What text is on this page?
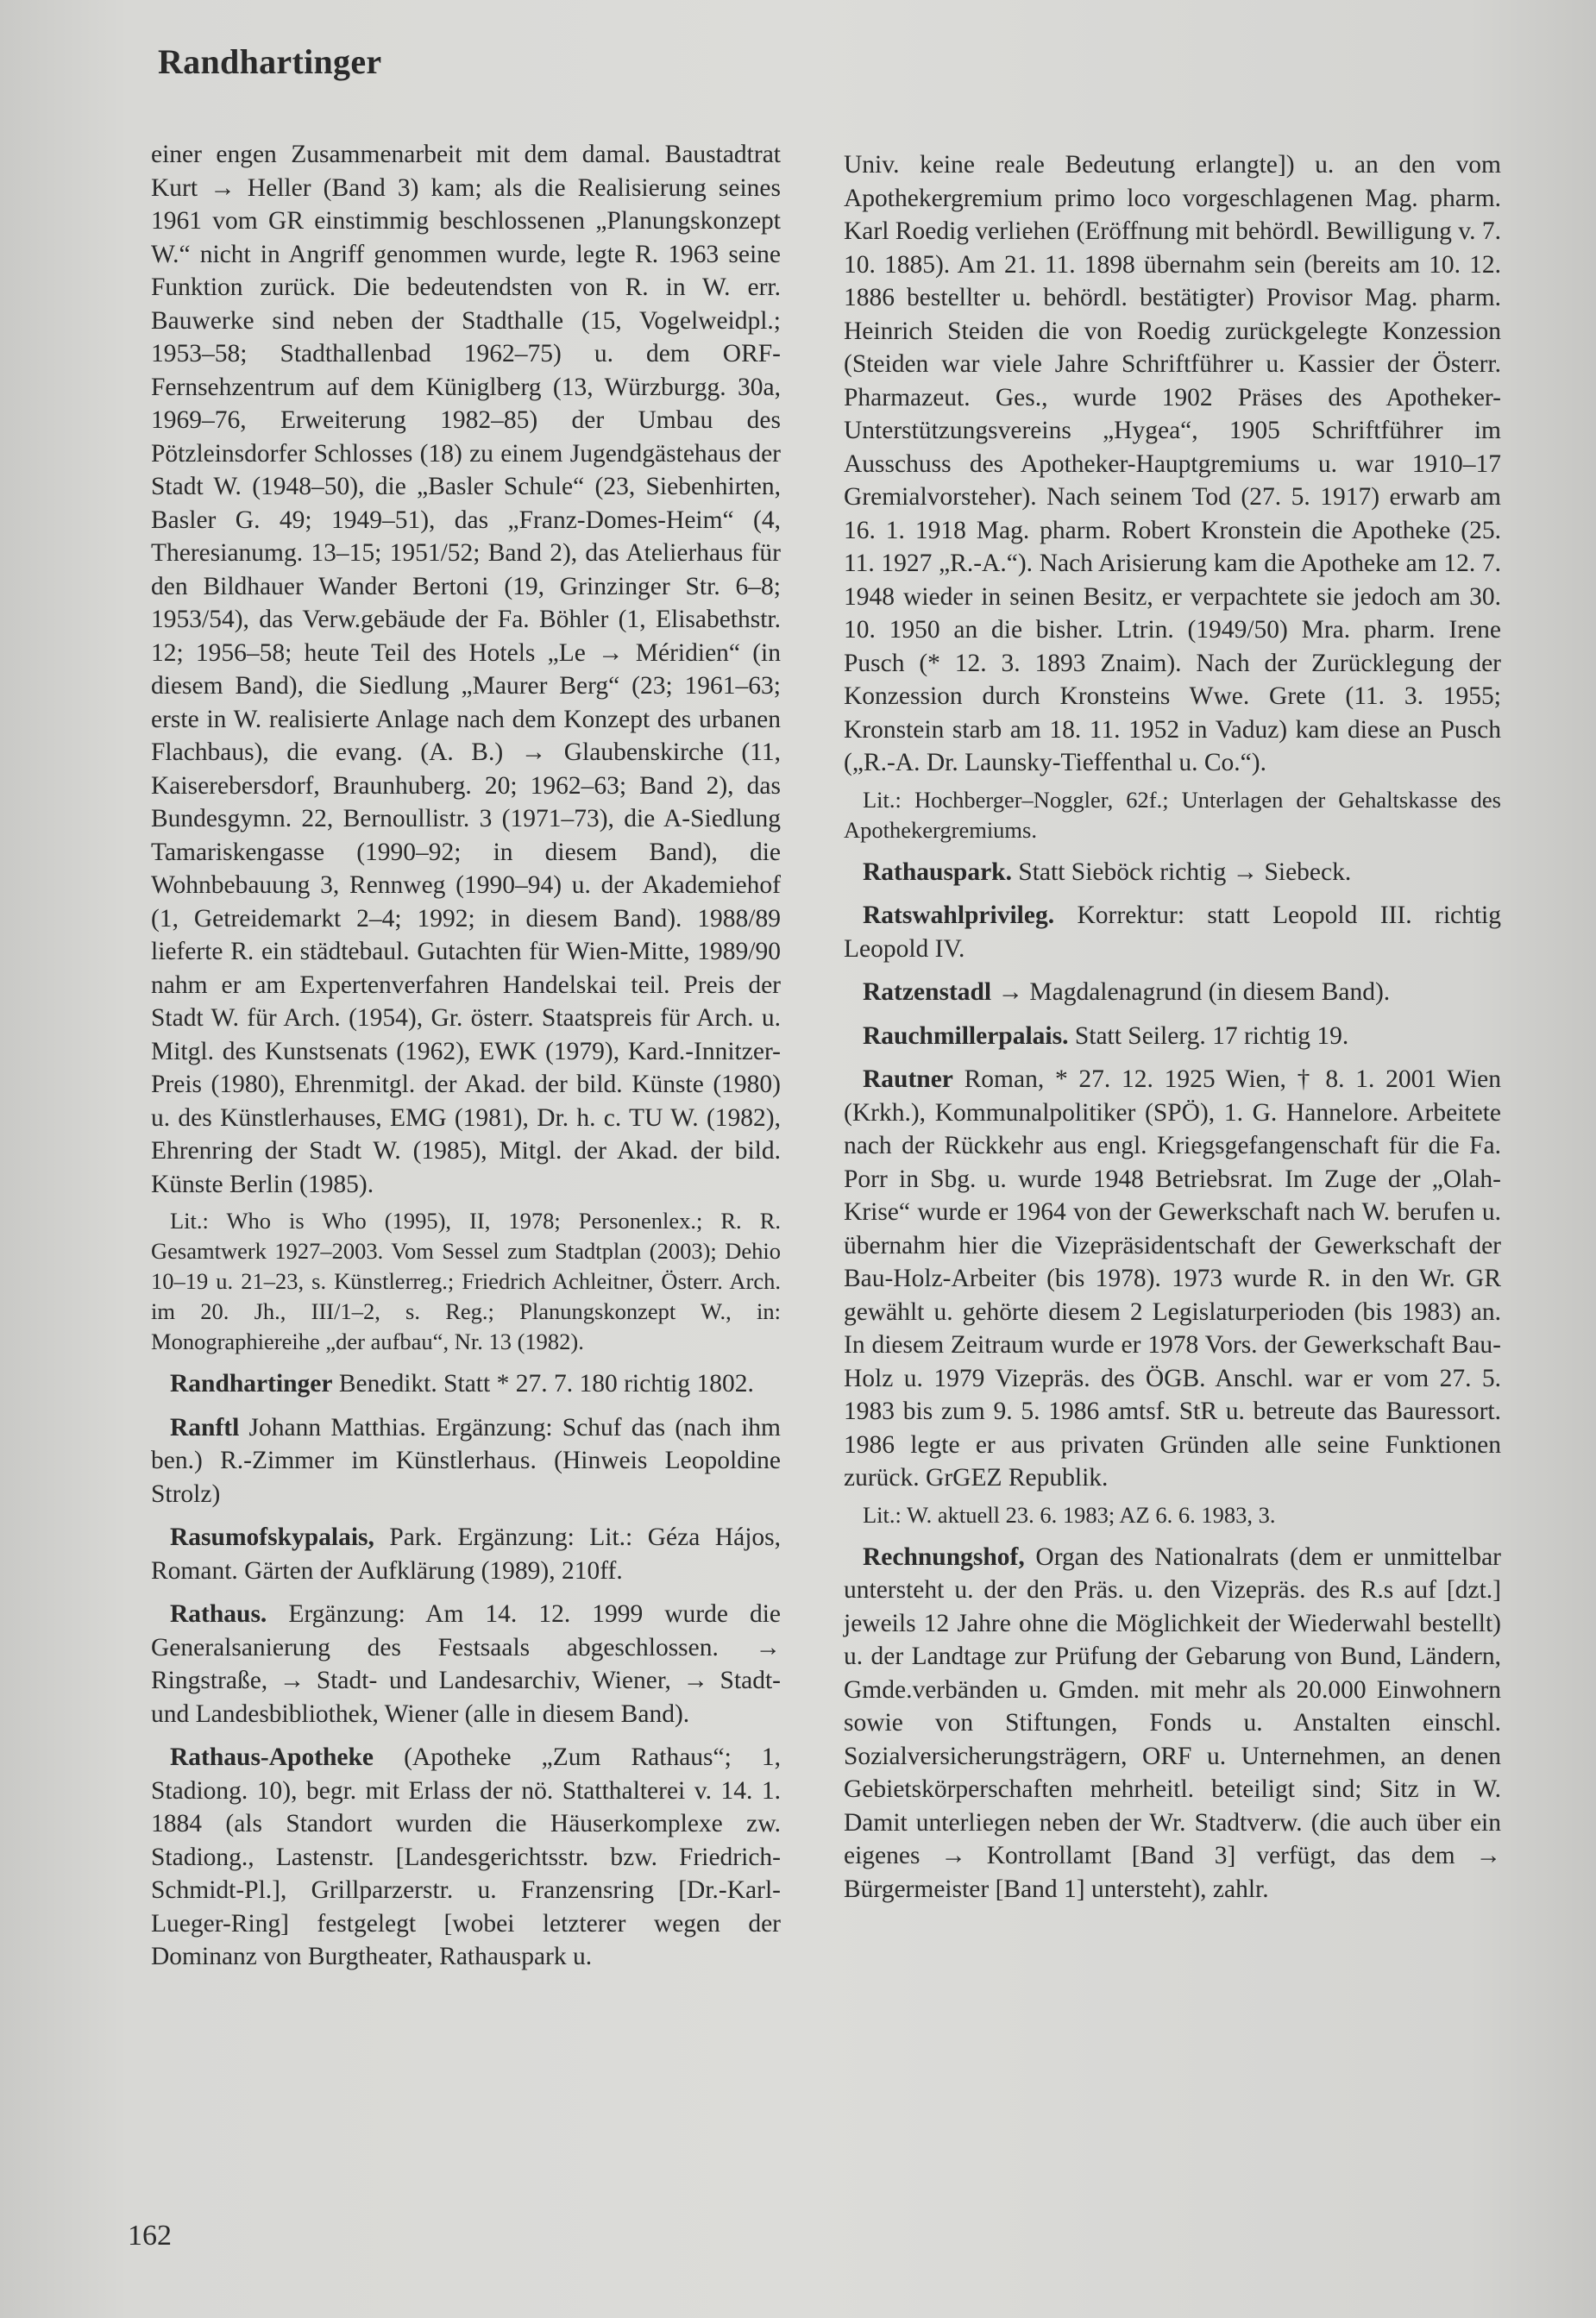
Randhartinger

einer engen Zusammenarbeit mit dem damal. Baustadtrat Kurt → Heller (Band 3) kam; als die Realisierung seines 1961 vom GR einstimmig beschlossenen „Planungskonzept W.“ nicht in Angriff genommen wurde, legte R. 1963 seine Funktion zurück. Die bedeutendsten von R. in W. err. Bauwerke sind neben der Stadthalle (15, Vogelweidpl.; 1953–58; Stadthallenbad 1962–75) u. dem ORF-Fernsehzentrum auf dem Küniglberg (13, Würzburgg. 30a, 1969–76, Erweiterung 1982–85) der Umbau des Pötzleinsdorfer Schlosses (18) zu einem Jugendgästehaus der Stadt W. (1948–50), die „Basler Schule“ (23, Siebenhirten, Basler G. 49; 1949–51), das „Franz-Domes-Heim“ (4, Theresianumg. 13–15; 1951/52; Band 2), das Atelierhaus für den Bildhauer Wander Bertoni (19, Grinzinger Str. 6–8; 1953/54), das Verw.gebäude der Fa. Böhler (1, Elisabethstr. 12; 1956–58; heute Teil des Hotels „Le → Méridien“ (in diesem Band), die Siedlung „Maurer Berg“ (23; 1961–63; erste in W. realisierte Anlage nach dem Konzept des urbanen Flachbaus), die evang. (A. B.) → Glaubenskirche (11, Kaiserebersdorf, Braunhuberg. 20; 1962–63; Band 2), das Bundesgymn. 22, Bernoullistr. 3 (1971–73), die A-Siedlung Tamariskengasse (1990–92; in diesem Band), die Wohnbebauung 3, Rennweg (1990–94) u. der Akademiehof (1, Getreidemarkt 2–4; 1992; in diesem Band). 1988/89 lieferte R. ein städtebaul. Gutachten für Wien-Mitte, 1989/90 nahm er am Expertenverfahren Handelskai teil. Preis der Stadt W. für Arch. (1954), Gr. österr. Staatspreis für Arch. u. Mitgl. des Kunstsenats (1962), EWK (1979), Kard.-Innitzer-Preis (1980), Ehrenmitgl. der Akad. der bild. Künste (1980) u. des Künstlerhauses, EMG (1981), Dr. h. c. TU W. (1982), Ehrenring der Stadt W. (1985), Mitgl. der Akad. der bild. Künste Berlin (1985).

Lit.: Who is Who (1995), II, 1978; Personenlex.; R. R. Gesamtwerk 1927–2003. Vom Sessel zum Stadtplan (2003); Dehio 10–19 u. 21–23, s. Künstlerreg.; Friedrich Achleitner, Österr. Arch. im 20. Jh., III/1–2, s. Reg.; Planungskonzept W., in: Monographiereihe „der aufbau“, Nr. 13 (1982).

Randhartinger Benedikt. Statt * 27. 7. 180 richtig 1802.

Ranftl Johann Matthias. Ergänzung: Schuf das (nach ihm ben.) R.-Zimmer im Künstlerhaus. (Hinweis Leopoldine Strolz)

Rasumofskypalais, Park. Ergänzung: Lit.: Géza Hájos, Romant. Gärten der Aufklärung (1989), 210ff.

Rathaus. Ergänzung: Am 14. 12. 1999 wurde die Generalsanierung des Festsaals abgeschlossen. → Ringstraße, → Stadt- und Landesarchiv, Wiener, → Stadt- und Landesbibliothek, Wiener (alle in diesem Band).

Rathaus-Apotheke (Apotheke „Zum Rathaus“; 1, Stadiong. 10), begr. mit Erlass der nö. Statthalterei v. 14. 1. 1884 (als Standort wurden die Häuserkomplexe zw. Stadiong., Lastenstr. [Landesgerichtsstr. bzw. Friedrich-Schmidt-Pl.], Grillparzerstr. u. Franzensring [Dr.-Karl-Lueger-Ring] festgelegt [wobei letzterer wegen der Dominanz von Burgtheater, Rathauspark u.

Univ. keine reale Bedeutung erlangte]) u. an den vom Apothekergremium primo loco vorgeschlagenen Mag. pharm. Karl Roedig verliehen (Eröffnung mit behördl. Bewilligung v. 7. 10. 1885). Am 21. 11. 1898 übernahm sein (bereits am 10. 12. 1886 bestellter u. behördl. bestätigter) Provisor Mag. pharm. Heinrich Steiden die von Roedig zurückgelegte Konzession (Steiden war viele Jahre Schriftführer u. Kassier der Österr. Pharmazeut. Ges., wurde 1902 Präses des Apotheker-Unterstützungsvereins „Hygea“, 1905 Schriftführer im Ausschuss des Apotheker-Hauptgremiums u. war 1910–17 Gremialvorsteher). Nach seinem Tod (27. 5. 1917) erwarb am 16. 1. 1918 Mag. pharm. Robert Kronstein die Apotheke (25. 11. 1927 „R.-A.“). Nach Arisierung kam die Apotheke am 12. 7. 1948 wieder in seinen Besitz, er verpachtete sie jedoch am 30. 10. 1950 an die bisher. Ltrin. (1949/50) Mra. pharm. Irene Pusch (* 12. 3. 1893 Znaim). Nach der Zurücklegung der Konzession durch Kronsteins Wwe. Grete (11. 3. 1955; Kronstein starb am 18. 11. 1952 in Vaduz) kam diese an Pusch („R.-A. Dr. Launsky-Tieffenthal u. Co.“).

Lit.: Hochberger–Noggler, 62f.; Unterlagen der Gehaltskasse des Apothekergremiums.

Rathauspark. Statt Sieböck richtig → Siebeck.

Ratswahlprivileg. Korrektur: statt Leopold III. richtig Leopold IV.

Ratzenstadl → Magdalenagrund (in diesem Band).

Rauchmillerpalais. Statt Seilerg. 17 richtig 19.

Rautner Roman, * 27. 12. 1925 Wien, † 8. 1. 2001 Wien (Krkh.), Kommunalpolitiker (SPÖ), 1. G. Hannelore. Arbeitete nach der Rückkehr aus engl. Kriegsgefangenschaft für die Fa. Porr in Sbg. u. wurde 1948 Betriebsrat. Im Zuge der „Olah-Krise“ wurde er 1964 von der Gewerkschaft nach W. berufen u. übernahm hier die Vizepräsidentschaft der Gewerkschaft der Bau-Holz-Arbeiter (bis 1978). 1973 wurde R. in den Wr. GR gewählt u. gehörte diesem 2 Legislaturperioden (bis 1983) an. In diesem Zeitraum wurde er 1978 Vors. der Gewerkschaft Bau-Holz u. 1979 Vizepräs. des ÖGB. Anschl. war er vom 27. 5. 1983 bis zum 9. 5. 1986 amtsf. StR u. betreute das Bauressort. 1986 legte er aus privaten Gründen alle seine Funktionen zurück. GrGEZ Republik.

Lit.: W. aktuell 23. 6. 1983; AZ 6. 6. 1983, 3.

Rechnungshof, Organ des Nationalrats (dem er unmittelbar untersteht u. der den Präs. u. den Vizepräs. des R.s auf [dzt.] jeweils 12 Jahre ohne die Möglichkeit der Wiederwahl bestellt) u. der Landtage zur Prüfung der Gebarung von Bund, Ländern, Gmde.verbänden u. Gmden. mit mehr als 20.000 Einwohnern sowie von Stiftungen, Fonds u. Anstalten einschl. Sozialversicherungsträgern, ORF u. Unternehmen, an denen Gebietskörperschaften mehrheitl. beteiligt sind; Sitz in W. Damit unterliegen neben der Wr. Stadtverw. (die auch über ein eigenes → Kontrollamt [Band 3] verfügt, das dem → Bürgermeister [Band 1] untersteht), zahlr.

162
